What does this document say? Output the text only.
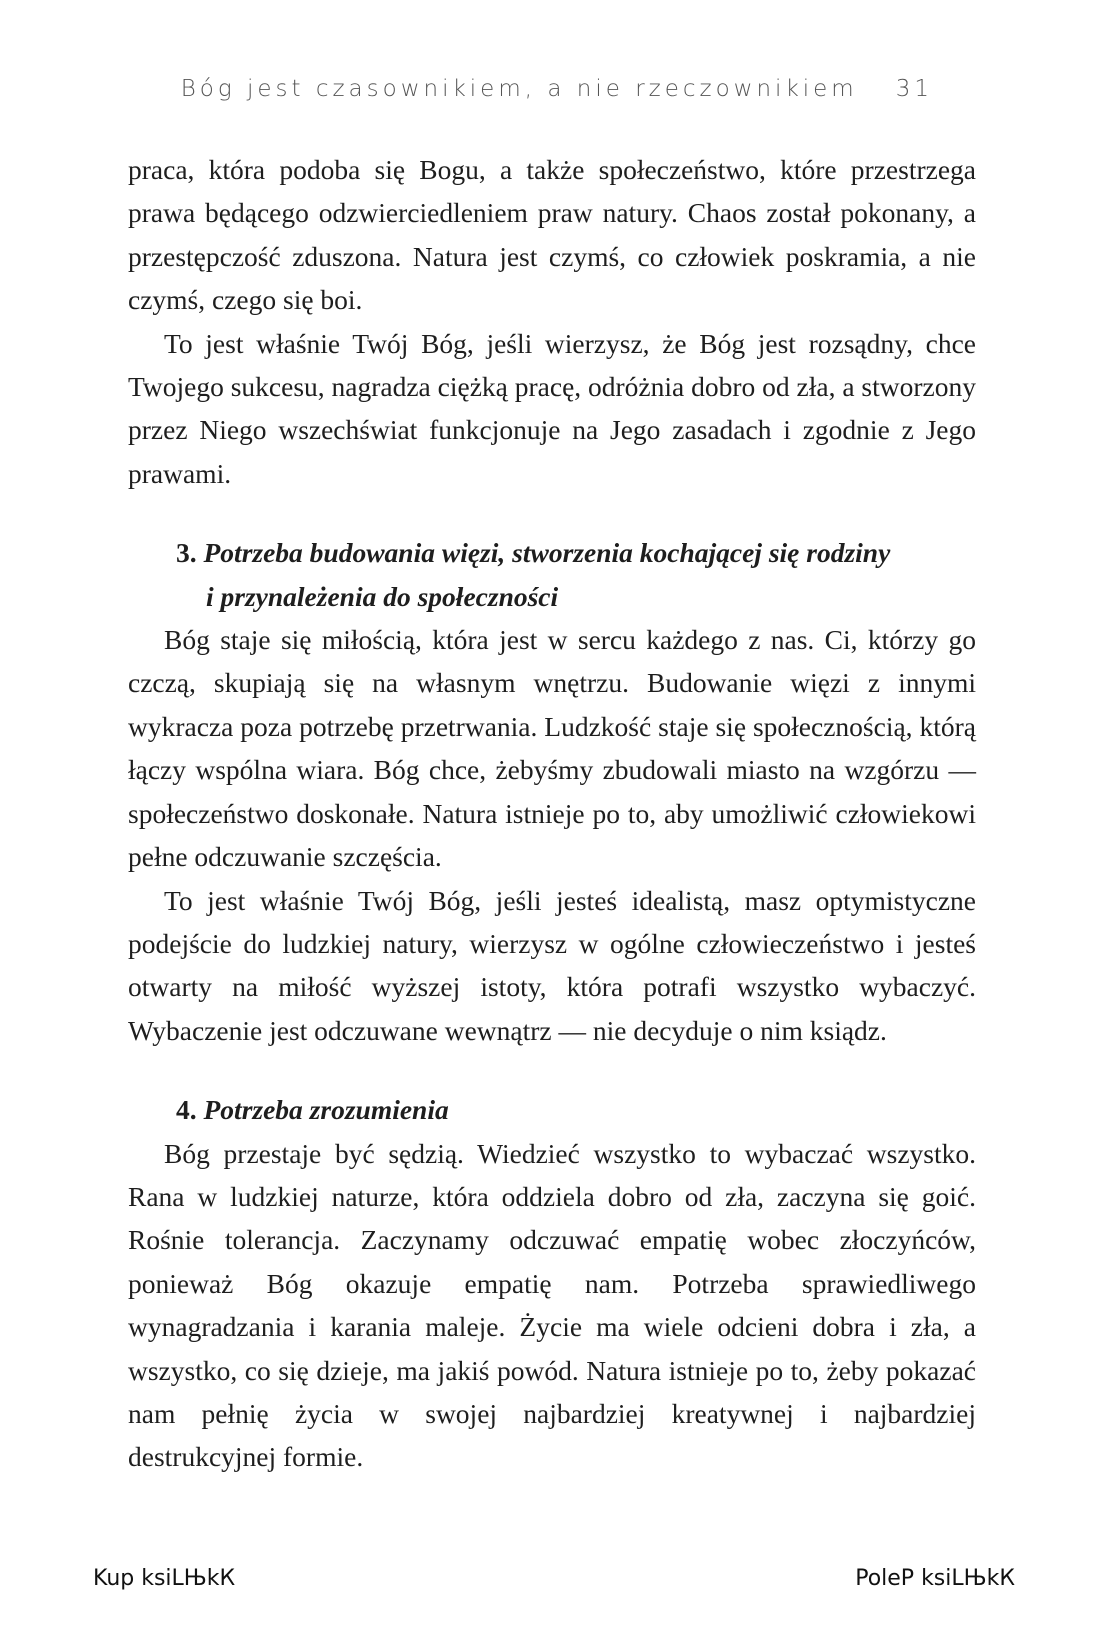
Bóg jest czasownikiem, a nie rzeczownikiem 31

praca, która podoba się Bogu, a także społeczeństwo, które przestrzega prawa będącego odzwierciedleniem praw natury. Chaos został pokonany, a przestępczość zduszona. Natura jest czymś, co człowiek poskramia, a nie czymś, czego się boi.

To jest właśnie Twój Bóg, jeśli wierzysz, że Bóg jest rozsądny, chce Twojego sukcesu, nagradza ciężką pracę, odróżnia dobro od zła, a stworzony przez Niego wszechświat funkcjonuje na Jego zasadach i zgodnie z Jego prawami.

3. Potrzeba budowania więzi, stworzenia kochającej się rodziny
i przynależenia do społeczności

Bóg staje się miłością, która jest w sercu każdego z nas. Ci, którzy go czczą, skupiają się na własnym wnętrzu. Budowanie więzi z innymi wykracza poza potrzebę przetrwania. Ludzkość staje się społecznością, którą łączy wspólna wiara. Bóg chce, żebyśmy zbudowali miasto na wzgórzu — społeczeństwo doskonałe. Natura istnieje po to, aby umożliwić człowiekowi pełne odczuwanie szczęścia.

To jest właśnie Twój Bóg, jeśli jesteś idealistą, masz optymistyczne podejście do ludzkiej natury, wierzysz w ogólne człowieczeństwo i jesteś otwarty na miłość wyższej istoty, która potrafi wszystko wybaczyć. Wybaczenie jest odczuwane wewnątrz — nie decyduje o nim ksiądz.

4. Potrzeba zrozumienia

Bóg przestaje być sędzią. Wiedzieć wszystko to wybaczać wszystko. Rana w ludzkiej naturze, która oddziela dobro od zła, zaczyna się goić. Rośnie tolerancja. Zaczynamy odczuwać empatię wobec złoczyńców, ponieważ Bóg okazuje empatię nam. Potrzeba sprawiedliwego wynagradzania i karania maleje. Życie ma wiele odcieni dobra i zła, a wszystko, co się dzieje, ma jakiś powód. Natura istnieje po to, żeby pokazać nam pełnię życia w swojej najbardziej kreatywnej i najbardziej destrukcyjnej formie.

Kup ksiLЊkК	PoleP ksiLЊkК
